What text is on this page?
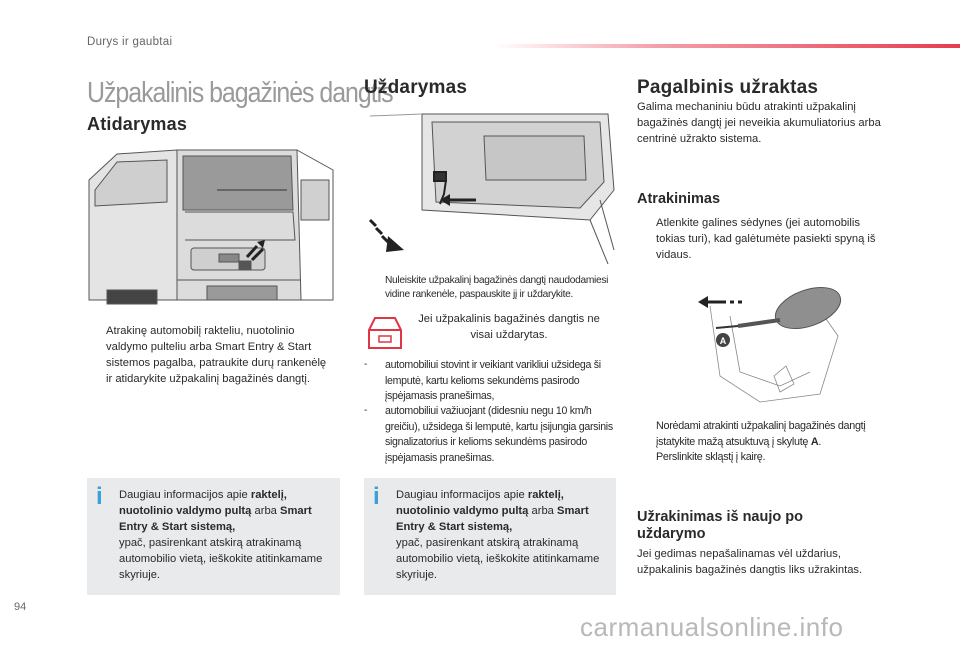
Durys ir gaubtai
Užpakalinis bagažinės dangtis
Atidarymas
Atrakinę automobilį rakteliu, nuotolinio valdymo pulteliu arba Smart Entry & Start sistemos pagalba, patraukite durų rankenėlę ir atidarykite užpakalinį bagažinės dangtį.
i Daugiau informacijos apie raktelį, nuotolinio valdymo pultą arba Smart Entry & Start sistemą,
ypač, pasirenkant atskirą atrakinamą automobilio vietą, ieškokite atitinkamame skyriuje.
Uždarymas
Nuleiskite užpakalinį bagažinės dangtį naudodamiesi vidine rankenėle, paspauskite jį ir uždarykite.
Jei užpakalinis bagažinės dangtis ne visai uždarytas.
-	automobiliui stovint ir veikiant varikliui užsidega ši lemputė, kartu kelioms sekundėms pasirodo įspėjamasis pranešimas,
-	automobiliui važiuojant (didesniu negu 10 km/h greičiu), užsidega ši lemputė, kartu įsijungia garsinis signalizatorius ir kelioms sekundėms pasirodo įspėjamasis pranešimas.
i Daugiau informacijos apie raktelį, nuotolinio valdymo pultą arba Smart Entry & Start sistemą,
ypač, pasirenkant atskirą atrakinamą automobilio vietą, ieškokite atitinkamame skyriuje.
Pagalbinis užraktas
Galima mechaniniu būdu atrakinti užpakalinį bagažinės dangtį jei neveikia akumuliatorius arba centrinė užrakto sistema.
Atrakinimas
Atlenkite galines sėdynes (jei automobilis tokias turi), kad galėtumėte pasiekti spyną iš vidaus.
A
Norėdami atrakinti užpakalinį bagažinės dangtį įstatykite mažą atsuktuvą į skylutę A.
Perslinkite skląstį į kairę.
Užrakinimas iš naujo po uždarymo
Jei gedimas nepašalinamas vėl uždarius, užpakalinis bagažinės dangtis liks užrakintas.
94
carmanualsonline.info
